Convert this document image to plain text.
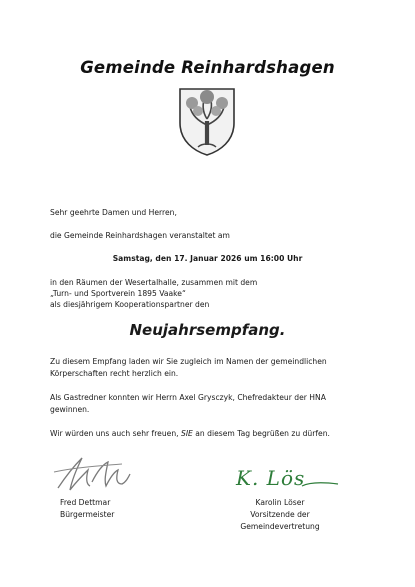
Gemeinde Reinhardshagen
Sehr geehrte Damen und Herren,
die Gemeinde Reinhardshagen veranstaltet am
Samstag, den 17. Januar 2026 um 16:00 Uhr
in den Räumen der Wesertalhalle, zusammen mit dem
„Turn- und Sportverein 1895 Vaake“
als diesjährigem Kooperationspartner den
Neujahrsempfang.
Zu diesem Empfang laden wir Sie zugleich im Namen der gemeindlichen
Körperschaften recht herzlich ein.
Als Gastredner konnten wir Herrn Axel Grysczyk, Chefredakteur der HNA
gewinnen.
Wir würden uns auch sehr freuen, SIE an diesem Tag begrüßen zu dürfen.
K. Lös
Fred Dettmar
Bürgermeister
Karolin Löser
Vorsitzende der
Gemeindevertretung
